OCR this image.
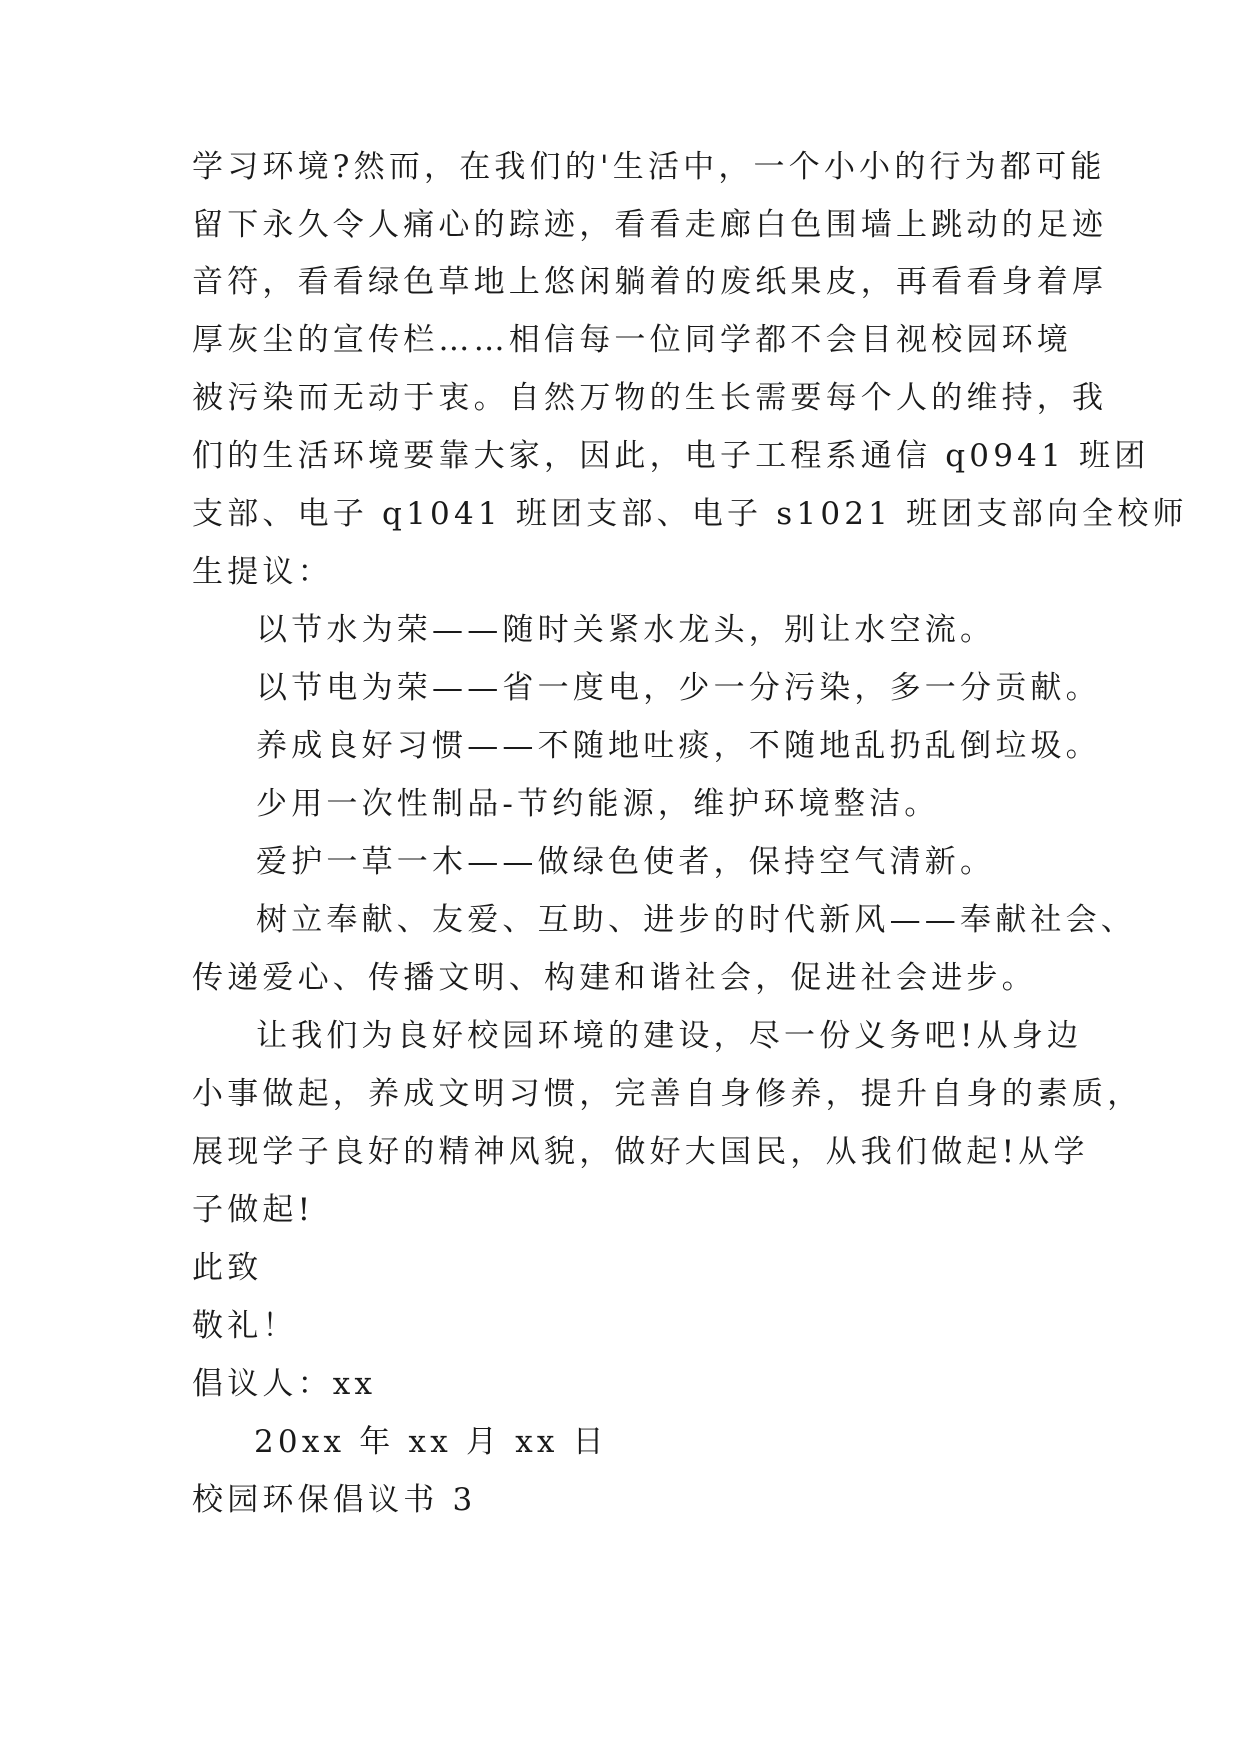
学习环境?然而，在我们的'生活中，一个小小的行为都可能
留下永久令人痛心的踪迹，看看走廊白色围墙上跳动的足迹
音符，看看绿色草地上悠闲躺着的废纸果皮，再看看身着厚
厚灰尘的宣传栏……相信每一位同学都不会目视校园环境
被污染而无动于衷。自然万物的生长需要每个人的维持，我
们的生活环境要靠大家，因此，电子工程系通信 q0941 班团
支部、电子 q1041 班团支部、电子 s1021 班团支部向全校师
生提议：
以节水为荣——随时关紧水龙头，别让水空流。
以节电为荣——省一度电，少一分污染，多一分贡献。
养成良好习惯——不随地吐痰，不随地乱扔乱倒垃圾。
少用一次性制品-节约能源，维护环境整洁。
爱护一草一木——做绿色使者，保持空气清新。
树立奉献、友爱、互助、进步的时代新风——奉献社会、
传递爱心、传播文明、构建和谐社会，促进社会进步。
让我们为良好校园环境的建设，尽一份义务吧!从身边
小事做起，养成文明习惯，完善自身修养，提升自身的素质，
展现学子良好的精神风貌，做好大国民，从我们做起!从学
子做起!
此致
敬礼！
倡议人：xx
20xx 年 xx 月 xx 日
校园环保倡议书 3
